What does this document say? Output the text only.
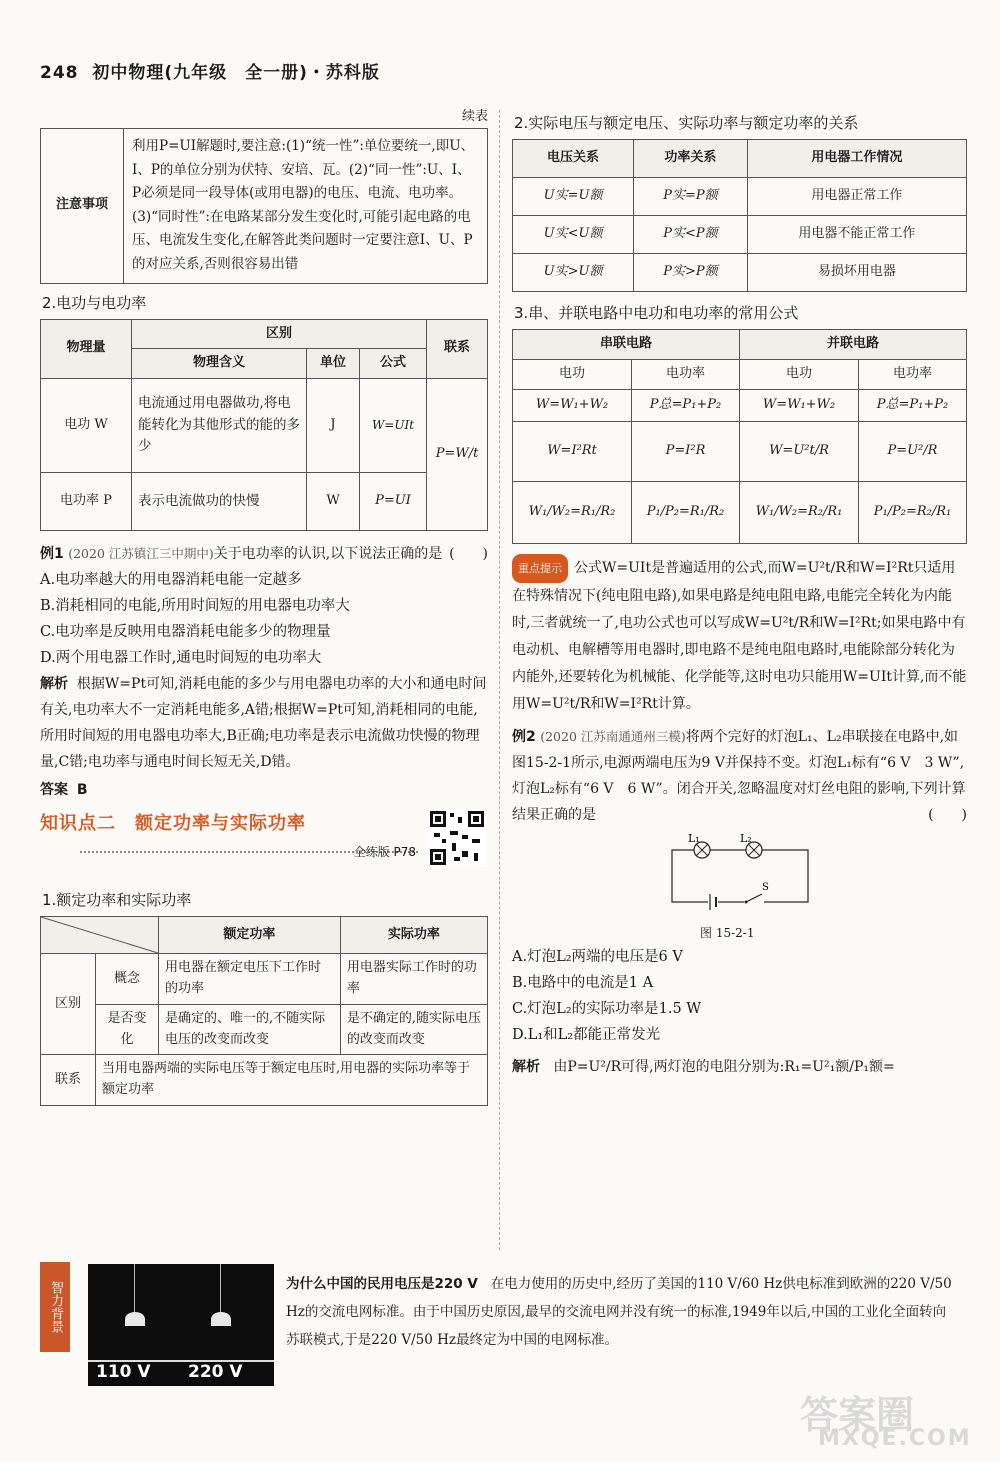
248 初中物理(九年级　全一册)・苏科版
续表
注意事项	利用P=UI解题时,要注意:(1)“统一性”:单位要统一,即U、I、P的单位分别为伏特、安培、瓦。(2)“同一性”:U、I、P必须是同一段导体(或用电器)的电压、电流、电功率。(3)“同时性”:在电路某部分发生变化时,可能引起电路的电压、电流发生变化,在解答此类问题时一定要注意I、U、P的对应关系,否则很容易出错
2.电功与电功率
物理量	区别			联系
	物理含义	单位	公式	
电功 W	电流通过用电器做功,将电能转化为其他形式的能的多少	J	W=UIt	P=W/t
电功率 P	表示电流做功的快慢	W	P=UI	
例1 (2020 江苏镇江三中期中)关于电功率的认识,以下说法正确的是 (　　)
A.电功率越大的用电器消耗电能一定越多
B.消耗相同的电能,所用时间短的用电器电功率大
C.电功率是反映用电器消耗电能多少的物理量
D.两个用电器工作时,通电时间短的电功率大
解析 根据W=Pt可知,消耗电能的多少与用电器电功率的大小和通电时间有关,电功率大不一定消耗电能多,A错;根据W=Pt可知,消耗相同的电能,所用时间短的用电器电功率大,B正确;电功率是表示电流做功快慢的物理量,C错;电功率与通电时间长短无关,D错。
答案 B
知识点二　额定功率与实际功率
全练版 P78
1.额定功率和实际功率
	额定功率	实际功率
区别	概念	用电器在额定电压下工作时的功率	用电器实际工作时的功率
	是否变化	是确定的、唯一的,不随实际电压的改变而改变	是不确定的,随实际电压的改变而改变
联系	当用电器两端的实际电压等于额定电压时,用电器的实际功率等于额定功率		
2.实际电压与额定电压、实际功率与额定功率的关系
电压关系	功率关系	用电器工作情况
U实=U额	P实=P额	用电器正常工作
U实<U额	P实<P额	用电器不能正常工作
U实>U额	P实>P额	易损坏用电器
3.串、并联电路中电功和电功率的常用公式
串联电路		并联电路	
电功	电功率	电功	电功率
W=W₁+W₂	P总=P₁+P₂	W=W₁+W₂	P总=P₁+P₂
W=I²Rt	P=I²R	W=U²t/R	P=U²/R
W₁/W₂=R₁/R₂	P₁/P₂=R₁/R₂	W₁/W₂=R₂/R₁	P₁/P₂=R₂/R₁
重点提示 公式W=UIt是普遍适用的公式,而W=U²t/R和W=I²Rt只适用在特殊情况下(纯电阻电路),如果电路是纯电阻电路,电能完全转化为内能时,三者就统一了,电功公式也可以写成W=U²t/R和W=I²Rt;如果电路中有电动机、电解槽等用电器时,即电路不是纯电阻电路时,电能除部分转化为内能外,还要转化为机械能、化学能等,这时电功只能用W=UIt计算,而不能用W=U²t/R和W=I²Rt计算。
例2 (2020 江苏南通通州三模)将两个完好的灯泡L₁、L₂串联接在电路中,如图15-2-1所示,电源两端电压为9 V并保持不变。灯泡L₁标有“6 V　3 W”,灯泡L₂标有“6 V　6 W”。闭合开关,忽略温度对灯丝电阻的影响,下列计算结果正确的是	(　　)
L₁	L₂
S
图 15-2-1
A.灯泡L₂两端的电压是6 V
B.电路中的电流是1 A
C.灯泡L₂的实际功率是1.5 W
D.L₁和L₂都能正常发光
解析 由P=U²/R可得,两灯泡的电阻分别为:R₁=U²₁额/P₁额=
智力背景
110 V 220 V
为什么中国的民用电压是220 V 在电力使用的历史中,经历了美国的110 V/60 Hz供电标准到欧洲的220 V/50 Hz的交流电网标准。由于中国历史原因,最早的交流电网并没有统一的标准,1949年以后,中国的工业化全面转向苏联模式,于是220 V/50 Hz最终定为中国的电网标准。
答案圈
MXQE.COM
